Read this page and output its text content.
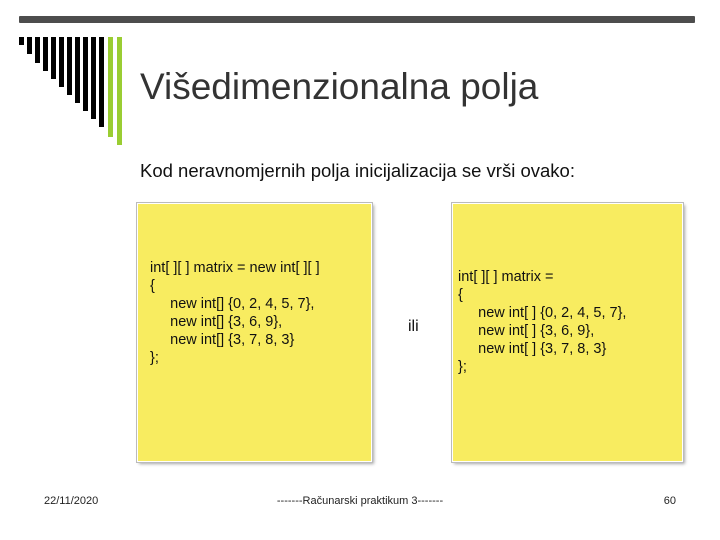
Višedimenzionalna polja
Kod neravnomjernih polja inicijalizacija se vrši ovako:
int[ ][ ] matrix = new int[ ][ ]
{
new int[] {0, 2, 4, 5, 7},
new int[] {3, 6, 9},
new int[] {3, 7, 8, 3}
};
ili
int[ ][ ] matrix =
{
new int[ ] {0, 2, 4, 5, 7},
new int[ ] {3, 6, 9},
new int[ ] {3, 7, 8, 3}
};
22/11/2020	-------Računarski praktikum 3-------	60
